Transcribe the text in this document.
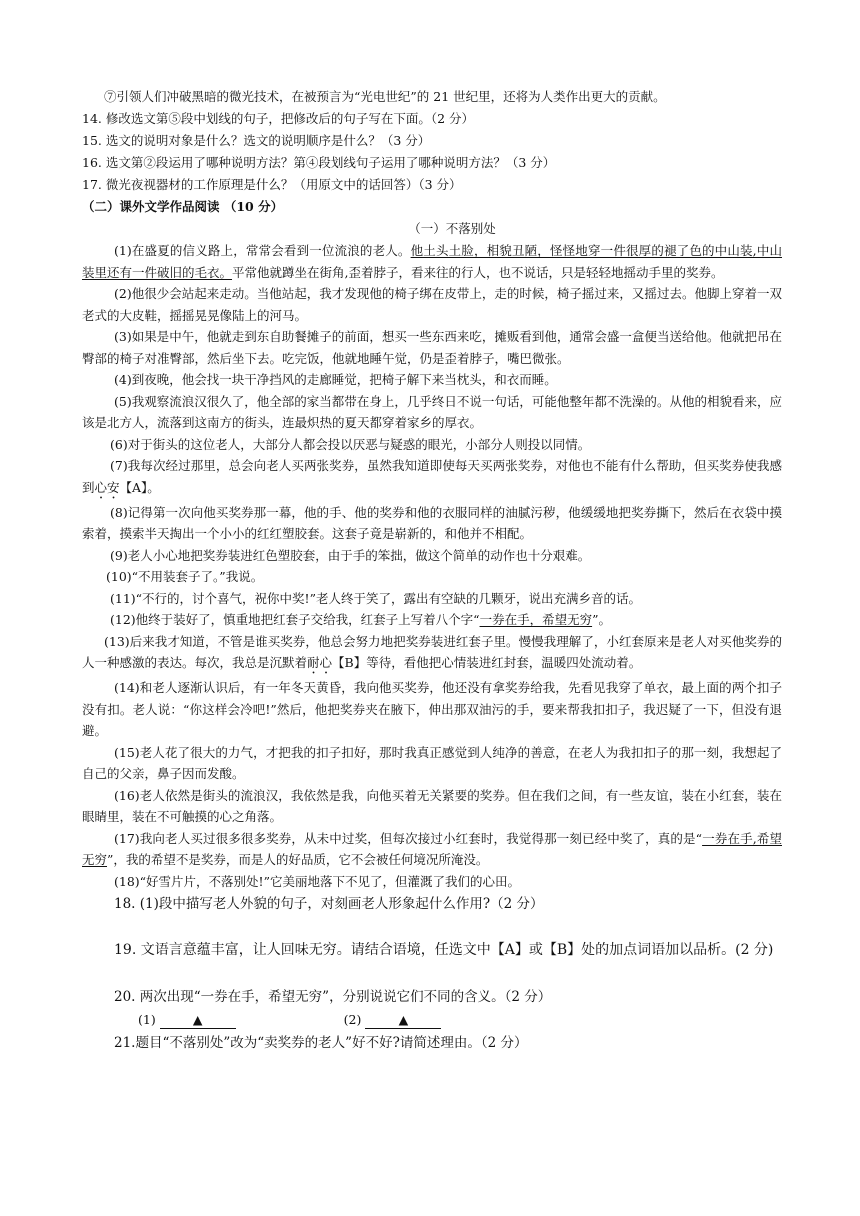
⑦引领人们冲破黑暗的微光技术，在被预言为“光电世纪”的 21 世纪里，还将为人类作出更大的贡献。
14. 修改选文第⑤段中划线的句子，把修改后的句子写在下面。（2 分）
15. 选文的说明对象是什么？选文的说明顺序是什么？（3 分）
16. 选文第②段运用了哪种说明方法？第④段划线句子运用了哪种说明方法？（3 分）
17. 微光夜视器材的工作原理是什么？（用原文中的话回答）（3 分）
（二）课外文学作品阅读 （10 分）
（一）不落别处

(1)在盛夏的信义路上，常常会看到一位流浪的老人。他土头土脸，相貌丑陋，怪怪地穿一件很厚的褪了色的中山装,中山装里还有一件破旧的毛衣。平常他就蹲坐在街角,歪着脖子，看来往的行人，也不说话，只是轻轻地摇动手里的奖券。

(2)他很少会站起来走动。当他站起，我才发现他的椅子绑在皮带上，走的时候，椅子摇过来，又摇过去。他脚上穿着一双老式的大皮鞋，摇摇晃晃像陆上的河马。

(3)如果是中午，他就走到东自助餐摊子的前面，想买一些东西来吃，摊贩看到他，通常会盛一盒便当送给他。他就把吊在臀部的椅子对准臀部，然后坐下去。吃完饭，他就地睡午觉，仍是歪着脖子，嘴巴微张。

(4)到夜晚，他会找一块干净挡风的走廊睡觉，把椅子解下来当枕头，和衣而睡。

(5)我观察流浪汉很久了，他全部的家当都带在身上，几乎终日不说一句话，可能他整年都不洗澡的。从他的相貌看来，应该是北方人，流落到这南方的街头，连最炽热的夏天都穿着家乡的厚衣。

(6)对于街头的这位老人，大部分人都会投以厌恶与疑惑的眼光，小部分人则投以同情。

(7)我每次经过那里，总会向老人买两张奖券，虽然我知道即使每天买两张奖券，对他也不能有什么帮助，但买奖券使我感到心安【A】。

(8)记得第一次向他买奖券那一幕，他的手、他的奖券和他的衣服同样的油腻污秽，他缓缓地把奖券撕下，然后在衣袋中摸索着，摸索半天掏出一个小小的红红塑胶套。这套子竟是崭新的，和他并不相配。

(9)老人小心地把奖券装进红色塑胶套，由于手的笨拙，做这个简单的动作也十分艰难。

(10)“不用装套子了。”我说。

(11)“不行的，讨个喜气，祝你中奖!”老人终于笑了，露出有空缺的几颗牙，说出充满乡音的话。

(12)他终于装好了，慎重地把红套子交给我，红套子上写着八个字“一券在手，希望无穷”。

(13)后来我才知道，不管是谁买奖券，他总会努力地把奖券装进红套子里。慢慢我理解了，小红套原来是老人对买他奖券的人一种感激的表达。每次，我总是沉默着耐心【B】等待，看他把心情装进红封套，温暖四处流动着。

(14)和老人逐渐认识后，有一年冬天黄昏，我向他买奖券，他还没有拿奖券给我，先看见我穿了单衣，最上面的两个扣子没有扣。老人说：“你这样会冷吧!”然后，他把奖券夹在腋下，伸出那双油污的手，要来帮我扣扣子，我迟疑了一下，但没有退避。

(15)老人花了很大的力气，才把我的扣子扣好，那时我真正感觉到人纯净的善意，在老人为我扣扣子的那一刻，我想起了自己的父亲，鼻子因而发酸。

(16)老人依然是街头的流浪汉，我依然是我，向他买着无关紧要的奖券。但在我们之间，有一些友谊，装在小红套，装在眼睛里，装在不可触摸的心之角落。

(17)我向老人买过很多很多奖券，从未中过奖，但每次接过小红套时，我觉得那一刻已经中奖了，真的是“一券在手,希望无穷”，我的希望不是奖券，而是人的好品质，它不会被任何境况所淹没。

(18)“好雪片片，不落别处!”它美丽地落下不见了，但灌溉了我们的心田。

18. (1)段中描写老人外貌的句子，对刻画老人形象起什么作用?（2 分）
19. 文语言意蕴丰富，让人回味无穷。请结合语境，任选文中【A】或【B】处的加点词语加以品析。(2 分)
20. 两次出现“一券在手，希望无穷”，分别说说它们不同的含义。（2 分）
(1)	▲	(2)	▲
21.题目“不落别处”改为“卖奖券的老人”好不好?请简述理由。（2 分）
